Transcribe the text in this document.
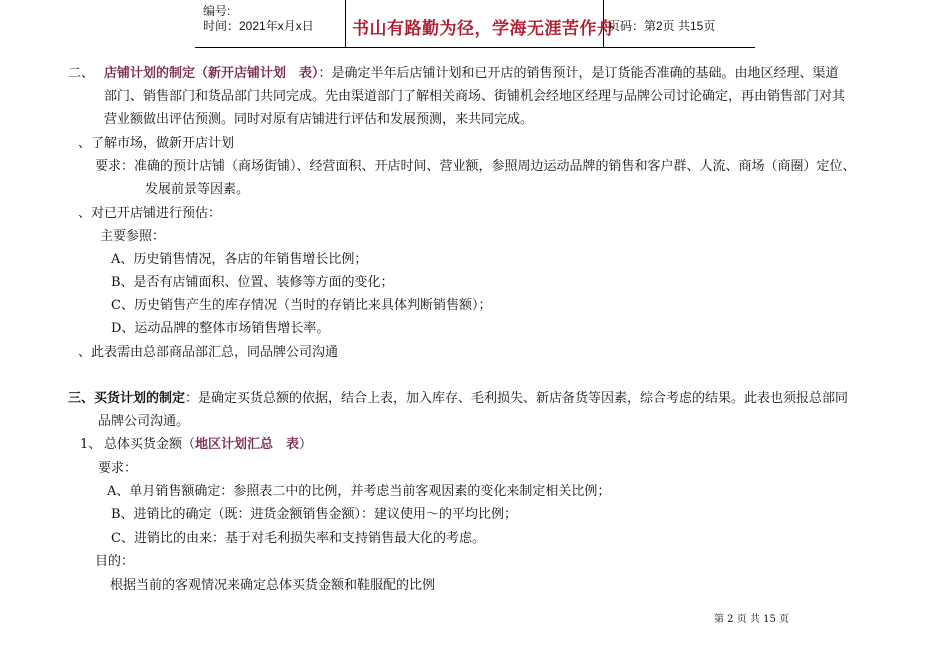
编号:
时间：2021年x月x日 书山有路勤为径，学海无涯苦作舟
页码：第2页 共15页
二、 店铺计划的制定（新开店铺计划　表）：是确定半年后店铺计划和已开店的销售预计，是订货能否准确的基础。由地区经理、渠道
部门、销售部门和货品部门共同完成。先由渠道部门了解相关商场、街铺机会经地区经理与品牌公司讨论确定，再由销售部门对其
营业额做出评估预测。同时对原有店铺进行评估和发展预测，来共同完成。
、了解市场，做新开店计划
要求：准确的预计店铺（商场街铺）、经营面积、开店时间、营业额，参照周边运动品牌的销售和客户群、人流、商场（商圈）定位、
发展前景等因素。
、对已开店铺进行预估：
主要参照：
A、历史销售情况，各店的年销售增长比例；
B、是否有店铺面积、位置、装修等方面的变化；
C、历史销售产生的库存情况（当时的存销比来具体判断销售额）；
D、运动品牌的整体市场销售增长率。
、此表需由总部商品部汇总，同品牌公司沟通
三、买货计划的制定：是确定买货总额的依据，结合上表，加入库存、毛利损失、新店备货等因素，综合考虑的结果。此表也须报总部同
品牌公司沟通。
1、 总体买货金额（地区计划汇总　表）
要求：
A、单月销售额确定：参照表二中的比例，并考虑当前客观因素的变化来制定相关比例；
B、进销比的确定（既：进货金额销售金额）：建议使用～的平均比例；
C、进销比的由来：基于对毛利损失率和支持销售最大化的考虑。
目的：
根据当前的客观情况来确定总体买货金额和鞋服配的比例
第 2 页 共 15 页
